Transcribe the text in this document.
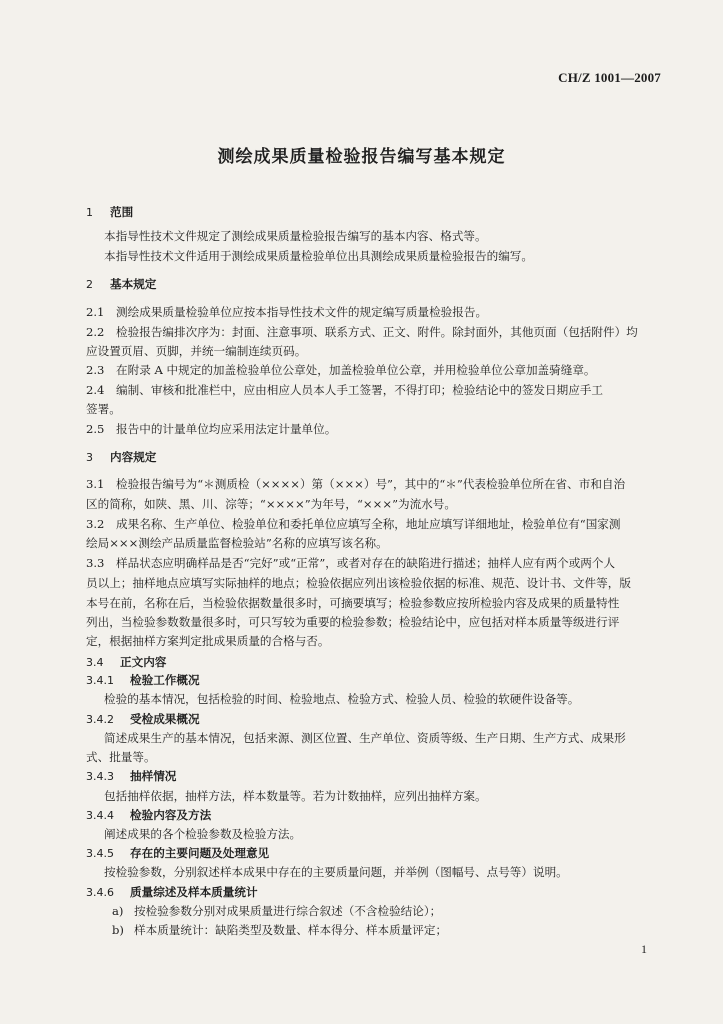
CH/Z 1001—2007
测绘成果质量检验报告编写基本规定
1 范围
本指导性技术文件规定了测绘成果质量检验报告编写的基本内容、格式等。
本指导性技术文件适用于测绘成果质量检验单位出具测绘成果质量检验报告的编写。
2 基本规定
2.1　测绘成果质量检验单位应按本指导性技术文件的规定编写质量检验报告。
2.2　检验报告编排次序为：封面、注意事项、联系方式、正文、附件。除封面外，其他页面（包括附件）均
应设置页眉、页脚，并统一编制连续页码。
2.3　在附录 A 中规定的加盖检验单位公章处，加盖检验单位公章，并用检验单位公章加盖骑缝章。
2.4　编制、审核和批准栏中，应由相应人员本人手工签署，不得打印；检验结论中的签发日期应手工
签署。
2.5　报告中的计量单位均应采用法定计量单位。
3 内容规定
3.1　检验报告编号为“＊测质检（××××）第（×××）号”，其中的“＊”代表检验单位所在省、市和自治
区的简称，如陕、黑、川、淙等；“××××”为年号，“×××”为流水号。
3.2　成果名称、生产单位、检验单位和委托单位应填写全称，地址应填写详细地址，检验单位有“国家测
绘局×××测绘产品质量监督检验站”名称的应填写该名称。
3.3　样品状态应明确样品是否“完好”或“正常”，或者对存在的缺陷进行描述；抽样人应有两个或两个人
员以上；抽样地点应填写实际抽样的地点；检验依据应列出该检验依据的标准、规范、设计书、文件等，版
本号在前，名称在后，当检验依据数量很多时，可摘要填写；检验参数应按所检验内容及成果的质量特性
列出，当检验参数数量很多时，可只写较为重要的检验参数；检验结论中，应包括对样本质量等级进行评
定，根据抽样方案判定批成果质量的合格与否。
3.4 正文内容
3.4.1 检验工作概况
检验的基本情况，包括检验的时间、检验地点、检验方式、检验人员、检验的软硬件设备等。
3.4.2 受检成果概况
简述成果生产的基本情况，包括来源、测区位置、生产单位、资质等级、生产日期、生产方式、成果形
式、批量等。
3.4.3 抽样情况
包括抽样依据，抽样方法，样本数量等。若为计数抽样，应列出抽样方案。
3.4.4 检验内容及方法
阐述成果的各个检验参数及检验方法。
3.4.5 存在的主要问题及处理意见
按检验参数，分别叙述样本成果中存在的主要质量问题，并举例（图幅号、点号等）说明。
3.4.6 质量综述及样本质量统计
a) 按检验参数分别对成果质量进行综合叙述（不含检验结论）；
b) 样本质量统计：缺陷类型及数量、样本得分、样本质量评定；
1
